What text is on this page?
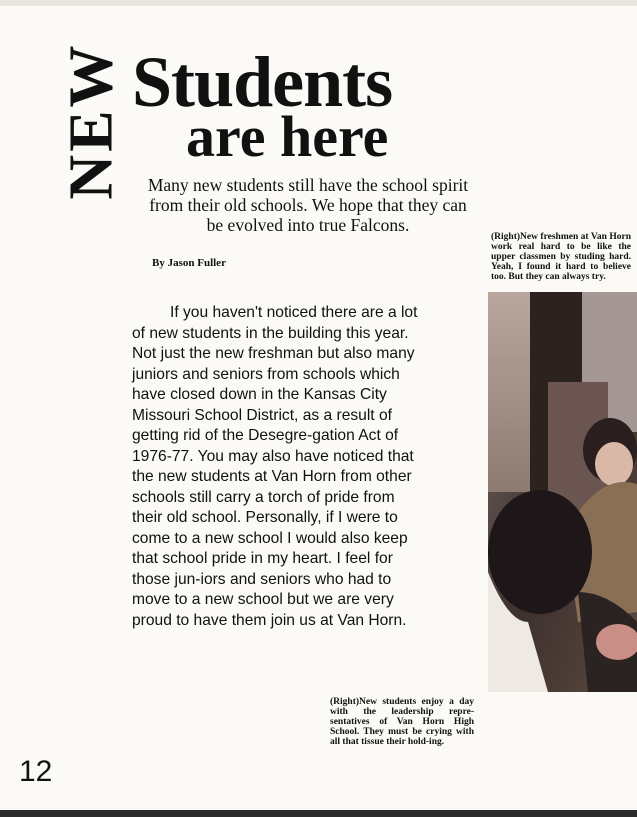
NEW Students
are here

Many new students still have the school spirit from their old schools. We hope that they can be evolved into true Falcons.

By Jason Fuller

If you haven't noticed there are a lot of new students in the building this year. Not just the new freshman but also many juniors and seniors from schools which have closed down in the Kansas City Missouri School District, as a result of getting rid of the Desegre-gation Act of 1976-77. You may also have noticed that the new students at Van Horn from other schools still carry a torch of pride from their old school. Personally, if I were to come to a new school I would also keep that school pride in my heart. I feel for those jun-iors and seniors who had to move to a new school but we are very proud to have them join us at Van Horn.

(Right)New freshmen at Van Horn work real hard to be like the upper classmen by studing hard. Yeah, I found it hard to believe too. But they can always try.

(Right)New students enjoy a day with the leadership repre-sentatives of Van Horn High School. They must be crying with all that tissue their hold-ing.

12
